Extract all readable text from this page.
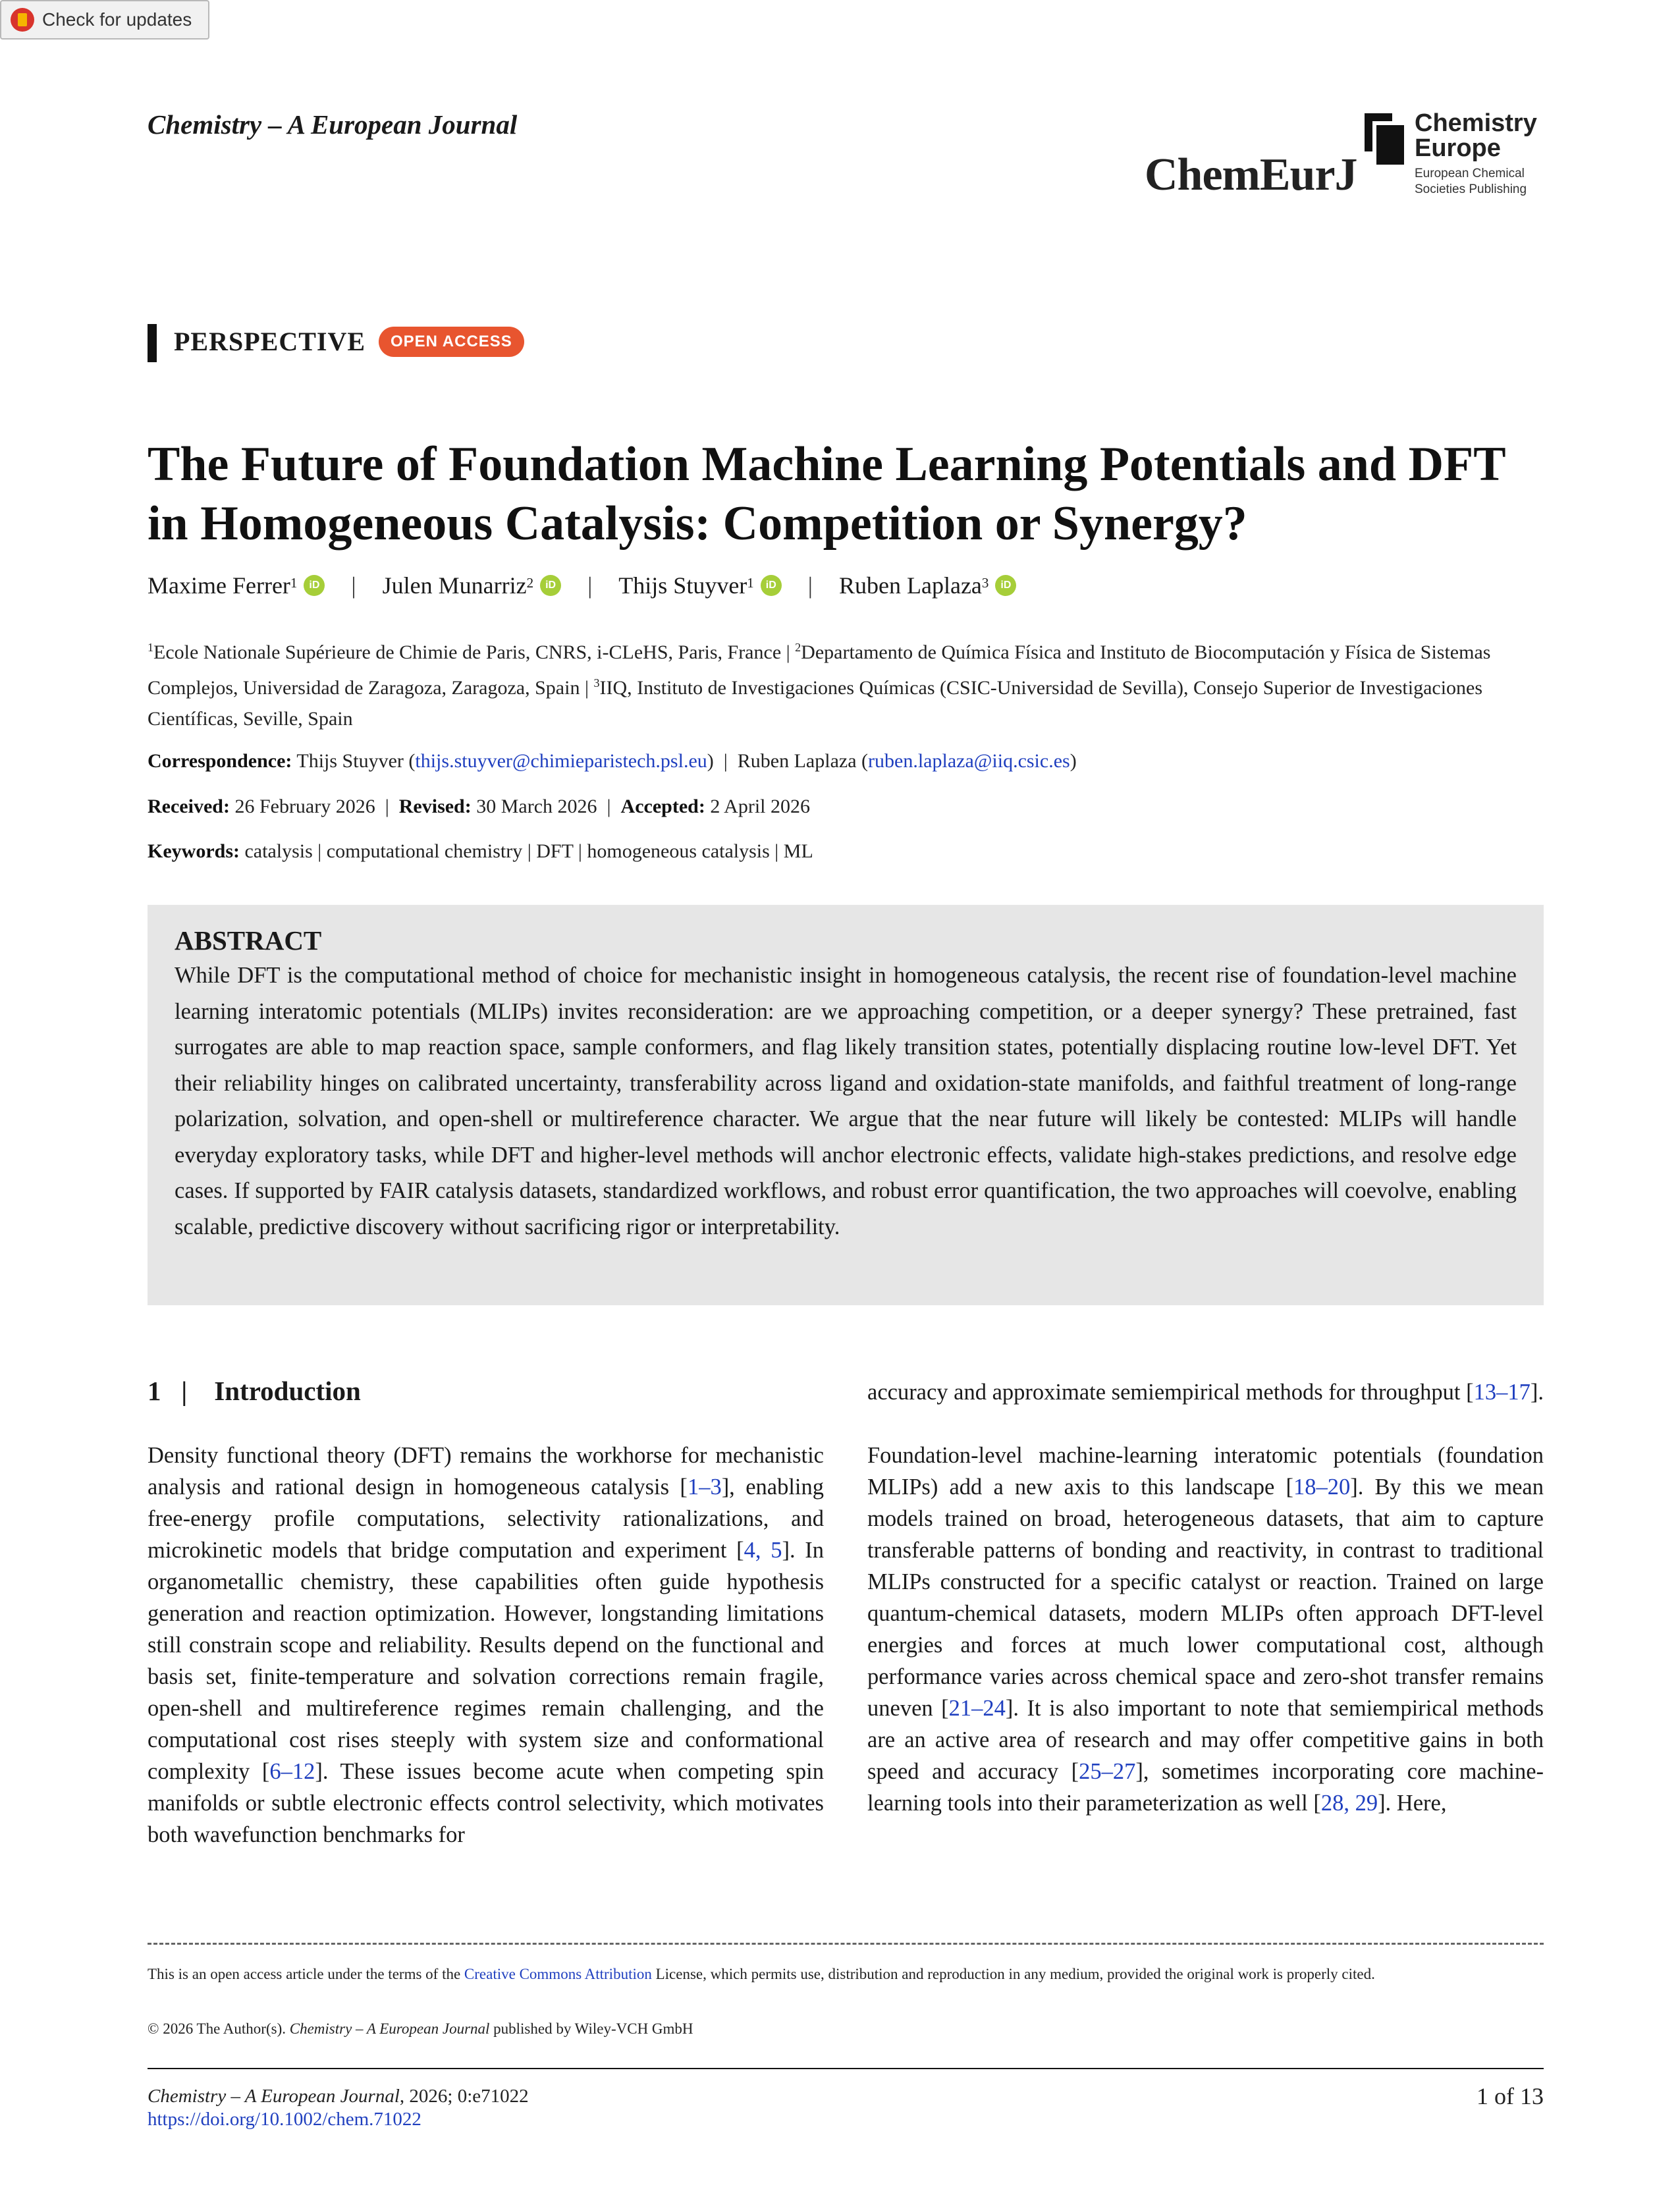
Check for updates
Chemistry – A European Journal
ChemEurJ
Chemistry
Europe
European Chemical
Societies Publishing
PERSPECTIVE	OPEN ACCESS
The Future of Foundation Machine Learning Potentials and DFT in Homogeneous Catalysis: Competition or Synergy?
Maxime Ferrer$^1$	iD | Julen Munarriz$^2$	iD | Thijs Stuyver$^1$	iD | Ruben Laplaza$^3$	iD
$^1$Ecole Nationale Supérieure de Chimie de Paris, CNRS, i-CLeHS, Paris, France | $^2$Departamento de Química Física and Instituto de Biocomputación y Física de Sistemas Complejos, Universidad de Zaragoza, Zaragoza, Spain | $^3$IIQ, Instituto de Investigaciones Químicas (CSIC-Universidad de Sevilla), Consejo Superior de Investigaciones Científicas, Seville, Spain
Correspondence: Thijs Stuyver (thijs.stuyver@chimieparistech.psl.eu)  | Ruben Laplaza (ruben.laplaza@iiq.csic.es)
Received: 26 February 2026 | Revised: 30 March 2026 | Accepted: 2 April 2026
Keywords: catalysis | computational chemistry | DFT | homogeneous catalysis | ML
ABSTRACT
While DFT is the computational method of choice for mechanistic insight in homogeneous catalysis, the recent rise of foundation-level machine learning interatomic potentials (MLIPs) invites reconsideration: are we approaching competition, or a deeper synergy? These pretrained, fast surrogates are able to map reaction space, sample conformers, and flag likely transition states, potentially displacing routine low-level DFT. Yet their reliability hinges on calibrated uncertainty, transferability across ligand and oxidation-state manifolds, and faithful treatment of long-range polarization, solvation, and open-shell or multireference character. We argue that the near future will likely be contested: MLIPs will handle everyday exploratory tasks, while DFT and higher-level methods will anchor electronic effects, validate high-stakes predictions, and resolve edge cases. If supported by FAIR catalysis datasets, standardized workflows, and robust error quantification, the two approaches will coevolve, enabling scalable, predictive discovery without sacrificing rigor or interpretability.
1 | Introduction
Density functional theory (DFT) remains the workhorse for mechanistic analysis and rational design in homogeneous catalysis [1–3], enabling free-energy profile computations, selectivity rationalizations, and microkinetic models that bridge computation and experiment [4, 5]. In organometallic chemistry, these capabilities often guide hypothesis generation and reaction optimization. However, longstanding limitations still constrain scope and reliability. Results depend on the functional and basis set, finite-temperature and solvation corrections remain fragile, open-shell and multireference regimes remain challenging, and the computational cost rises steeply with system size and conformational complexity [6–12]. These issues become acute when competing spin manifolds or subtle electronic effects control selectivity, which motivates both wavefunction benchmarks for

accuracy and approximate semiempirical methods for throughput [13–17].

Foundation-level machine-learning interatomic potentials (foundation MLIPs) add a new axis to this landscape [18–20]. By this we mean models trained on broad, heterogeneous datasets, that aim to capture transferable patterns of bonding and reactivity, in contrast to traditional MLIPs constructed for a specific catalyst or reaction. Trained on large quantum-chemical datasets, modern MLIPs often approach DFT-level energies and forces at much lower computational cost, although performance varies across chemical space and zero-shot transfer remains uneven [21–24]. It is also important to note that semiempirical methods are an active area of research and may offer competitive gains in both speed and accuracy [25–27], sometimes incorporating core machine-learning tools into their parameterization as well [28, 29]. Here,

This is an open access article under the terms of the Creative Commons Attribution License, which permits use, distribution and reproduction in any medium, provided the original work is properly cited.
© 2026 The Author(s). Chemistry – A European Journal published by Wiley-VCH GmbH
Chemistry – A European Journal, 2026; 0:e71022
https://doi.org/10.1002/chem.71022
1 of 13
